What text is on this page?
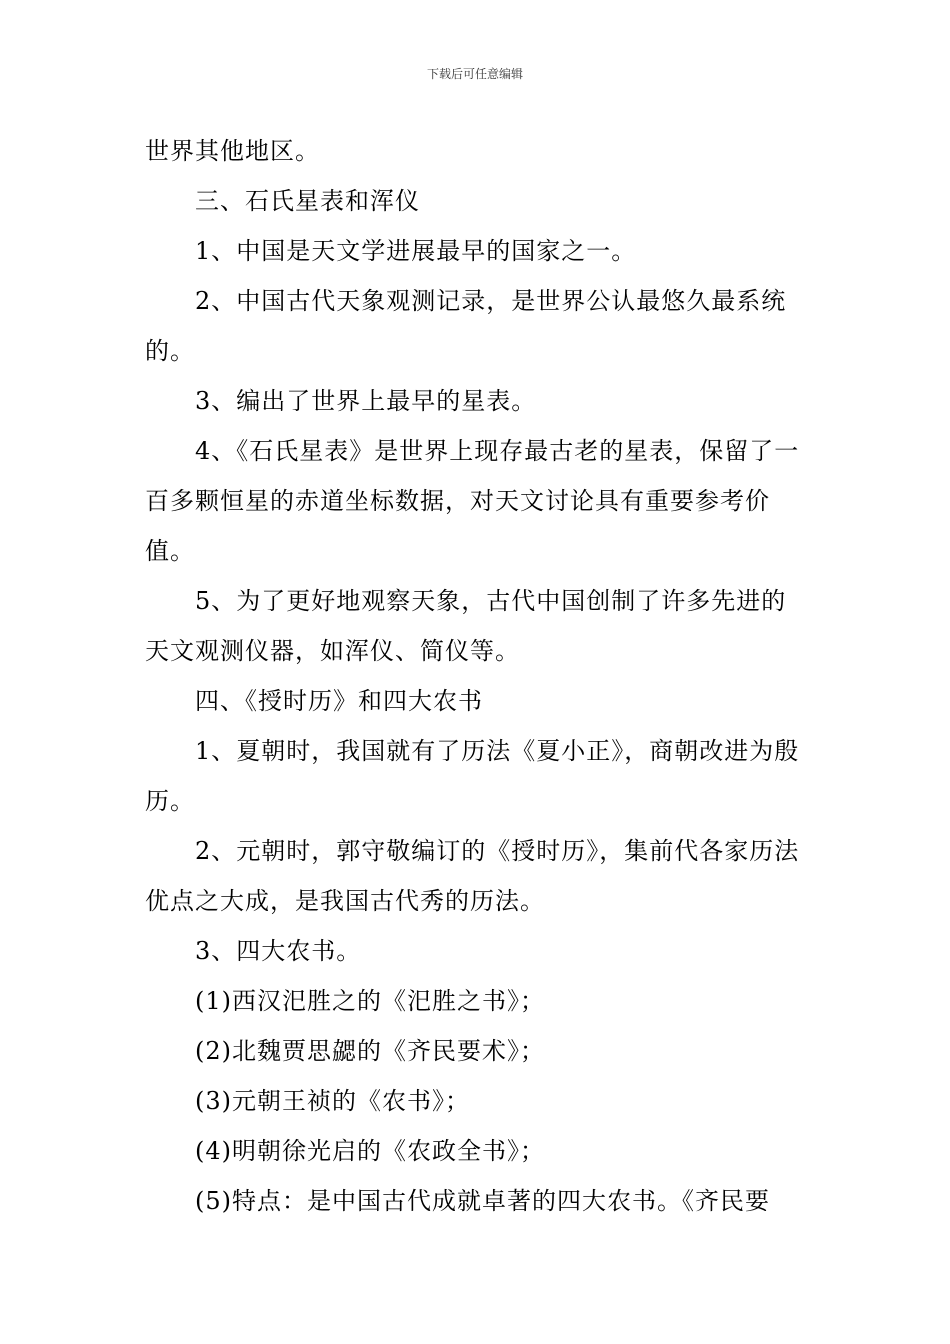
下载后可任意编辑

世界其他地区。

三、石氏星表和浑仪

1、中国是天文学进展最早的国家之一。

2、中国古代天象观测记录，是世界公认最悠久最系统的。

3、编出了世界上最早的星表。

4、《石氏星表》是世界上现存最古老的星表，保留了一百多颗恒星的赤道坐标数据，对天文讨论具有重要参考价值。

5、为了更好地观察天象，古代中国创制了许多先进的天文观测仪器，如浑仪、简仪等。

四、《授时历》和四大农书

1、夏朝时，我国就有了历法《夏小正》，商朝改进为殷历。

2、元朝时，郭守敬编订的《授时历》，集前代各家历法优点之大成，是我国古代秀的历法。

3、四大农书。

(1)西汉汜胜之的《汜胜之书》；

(2)北魏贾思勰的《齐民要术》；

(3)元朝王祯的《农书》；

(4)明朝徐光启的《农政全书》；

(5)特点：是中国古代成就卓著的四大农书。《齐民要
